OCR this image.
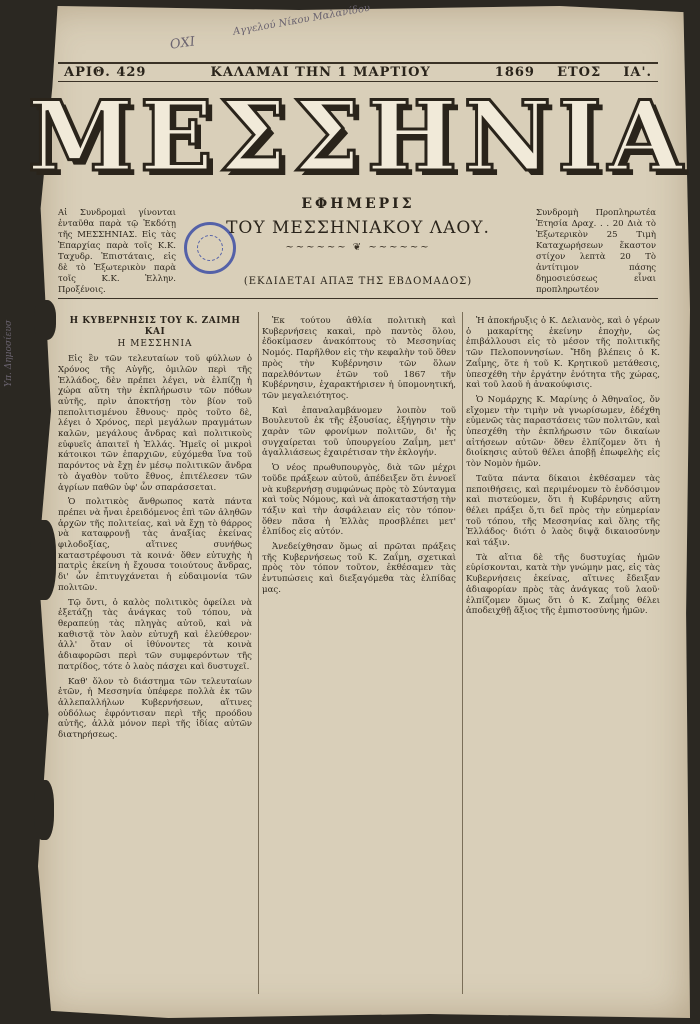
ΟΧΙ
Αγγελού Νίκου Μαλανίδου
Υπ. Δημοσίευσ
ΑΡΙΘ. 429	ΚΑΛΑΜΑΙ ΤΗΝ 1 ΜΑΡΤΙΟΥ	1869 ΕΤΟΣ ΙΑ'.
ΜΕΣΣΗΝΙΑ
Αἱ Συνδρομαὶ γίνονται ἐνταῦθα παρὰ τῷ Ἐκδότῃ τῆς ΜΕΣΣΗΝΙΑΣ. Εἰς τὰς Ἐπαρχίας παρὰ τοῖς Κ.Κ. Ταχυδρ. Ἐπιστάταις, εἰς δὲ τὸ Ἐξωτερικὸν παρὰ τοῖς Κ.Κ. Ἑλλην. Προξένοις.
ΕΦΗΜΕΡΙΣ
ΤΟΥ ΜΕΣΣΗΝΙΑΚΟΥ ΛΑΟΥ.
~~~~~~ ❦ ~~~~~~
Συνδρομὴ Προπληρωτέα Ἐτησία Δραχ. . . 20 Διὰ τὸ Ἐξωτερικὸν 25 Τιμὴ Καταχωρήσεων ἕκαστον στίχον λεπτὰ 20 Τὸ ἀντίτιμον πάσης δημοσιεύσεως εἶναι προπληρωτέον
(ΕΚΔΙΔΕΤΑΙ ΑΠΑΞ ΤΗΣ ΕΒΔΟΜΑΔΟΣ)
Η ΚΥΒΕΡΝΗΣΙΣ ΤΟΥ Κ. ΖΑΙΜΗ ΚΑΙ
Η ΜΕΣΣΗΝΙΑ

Εἰς ἓν τῶν τελευταίων τοῦ φύλλων ὁ Χρόνος τῆς Αὐγῆς, ὁμιλῶν περὶ τῆς Ἑλλάδος, δὲν πρέπει λέγει, νὰ ἐλπίζῃ ἡ χώρα αὕτη τὴν ἐκπλήρωσιν τῶν πόθων αὐτῆς, πρὶν ἀποκτήσῃ τὸν βίον τοῦ πεπολιτισμένου ἔθνους· πρὸς τοῦτο δὲ, λέγει ὁ Χρόνος, περὶ μεγάλων πραγμάτων καλῶν, μεγάλους ἄνδρας καὶ πολιτικοὺς εὐφυεῖς ἀπαιτεῖ ἡ Ἑλλάς. Ἡμεῖς οἱ μικροὶ κάτοικοι τῶν ἐπαρχιῶν, εὐχόμεθα ἵνα τοῦ παρόντος νὰ ἔχῃ ἐν μέσῳ πολιτικῶν ἄνδρα τὸ ἀγαθὸν τοῦτο ἔθνος, ἐπιτέλεσεν τῶν ἀγρίων παθῶν ὑφ' ὧν σπαράσσεται.

Ὁ πολιτικὸς ἄνθρωπος κατὰ πάντα πρέπει νὰ ἦναι ἐρειδόμενος ἐπὶ τῶν ἀληθῶν ἀρχῶν τῆς πολιτείας, καὶ νὰ ἔχῃ τὸ θάρρος νὰ καταφρονῇ τὰς ἀναξίας ἐκείνας φιλοδοξίας, αἵτινες συνήθως καταστρέφουσι τὰ κοινά· ὅθεν εὐτυχὴς ἡ πατρὶς ἐκείνη ἡ ἔχουσα τοιούτους ἄνδρας, δι' ὧν ἐπιτυγχάνεται ἡ εὐδαιμονία τῶν πολιτῶν.

Τῷ ὄντι, ὁ καλὸς πολιτικὸς ὀφείλει νὰ ἐξετάζῃ τὰς ἀνάγκας τοῦ τόπου, νὰ θεραπεύῃ τὰς πληγὰς αὐτοῦ, καὶ νὰ καθιστᾷ τὸν λαὸν εὐτυχῆ καὶ ἐλεύθερον· ἀλλ' ὅταν οἱ ἰθύνοντες τὰ κοινὰ ἀδιαφορῶσι περὶ τῶν συμφερόντων τῆς πατρίδος, τότε ὁ λαὸς πάσχει καὶ δυστυχεῖ.

Καθ' ὅλον τὸ διάστημα τῶν τελευταίων ἐτῶν, ἡ Μεσσηνία ὑπέφερε πολλὰ ἐκ τῶν ἀλλεπαλλήλων Κυβερνήσεων, αἵτινες οὐδόλως ἐφρόντισαν περὶ τῆς προόδου αὐτῆς, ἀλλὰ μόνον περὶ τῆς ἰδίας αὐτῶν διατηρήσεως.

Ἐκ τούτου ἀθλία πολιτικὴ καὶ Κυβερνήσεις κακαὶ, πρὸ παντὸς ὅλου, ἐδοκίμασεν ἀνακόπτους τὸ Μεσσηνίας Νομός. Παρῆλθον εἰς τὴν κεφαλὴν τοῦ ὅθεν πρὸς τὴν Κυβέρνησιν τῶν ὅλων παρελθόντων ἐτῶν τοῦ 1867 τῆν Κυβέρνησιν, ἐχαρακτήρισεν ἡ ὑπομονητική, τῶν μεγαλειότητος.

Καὶ ἐπαναλαμβάνομεν λοιπὸν τοῦ Βουλευτοῦ ἐκ τῆς ἐξουσίας, ἐξήγησιν τὴν χαρὰν τῶν φρονίμων πολιτῶν, δι' ἧς συγχαίρεται τοῦ ὑπουργείου Ζαΐμη, μετ' ἀγαλλιάσεως ἐχαιρέτισαν τὴν ἐκλογήν.

Ὁ νέος πρωθυπουργὸς, διὰ τῶν μέχρι τοῦδε πράξεων αὐτοῦ, ἀπέδειξεν ὅτι ἐννοεῖ νὰ κυβερνήσῃ συμφώνως πρὸς τὸ Σύνταγμα καὶ τοὺς Νόμους, καὶ νὰ ἀποκαταστήσῃ τὴν τάξιν καὶ τὴν ἀσφάλειαν εἰς τὸν τόπον· ὅθεν πᾶσα ἡ Ἑλλὰς προσβλέπει μετ' ἐλπίδος εἰς αὐτόν.

Ἀνεδείχθησαν ὅμως αἱ πρῶται πράξεις τῆς Κυβερνήσεως τοῦ Κ. Ζαΐμη, σχετικαὶ πρὸς τὸν τόπον τοῦτον, ἐκθέσαμεν τὰς ἐντυπώσεις καὶ διεξαγόμεθα τὰς ἐλπίδας μας.

Ἡ ἀποκήρυξις ὁ Κ. Δελιανὸς, καὶ ὁ γέρων ὁ μακαρίτης ἐκείνην ἐποχὴν, ὡς ἐπιβάλλουσι εἰς τὸ μέσον τῆς πολιτικῆς τῶν Πελοποννησίων. Ἤδη βλέπεις ὁ Κ. Ζαΐμης, ὅτε ἡ τοῦ Κ. Κρητικοῦ μετάθεσις, ὑπεσχέθη τὴν ἐργάτην ἐνότητα τῆς χώρας, καὶ τοῦ λαοῦ ἡ ἀνακούφισις.

Ὁ Νομάρχης Κ. Μαρίνης ὁ Ἀθηναῖος, ὅν εἴχομεν τὴν τιμὴν νὰ γνωρίσωμεν, ἐδέχθη εὐμενῶς τὰς παραστάσεις τῶν πολιτῶν, καὶ ὑπεσχέθη τὴν ἐκπλήρωσιν τῶν δικαίων αἰτήσεων αὐτῶν· ὅθεν ἐλπίζομεν ὅτι ἡ διοίκησις αὐτοῦ θέλει ἀποβῇ ἐπωφελὴς εἰς τὸν Νομὸν ἡμῶν.

Ταῦτα πάντα δίκαιοι ἐκθέσαμεν τὰς πεποιθήσεις, καὶ περιμένομεν τὸ ἐνδόσιμον καὶ πιστεύομεν, ὅτι ἡ Κυβέρνησις αὕτη θέλει πράξει ὅ,τι δεῖ πρὸς τὴν εὐημερίαν τοῦ τόπου, τῆς Μεσσηνίας καὶ ὅλης τῆς Ἑλλάδος· διότι ὁ λαὸς διψᾷ δικαιοσύνην καὶ τάξιν.

Τὰ αἴτια δὲ τῆς δυστυχίας ἡμῶν εὑρίσκονται, κατὰ τὴν γνώμην μας, εἰς τὰς Κυβερνήσεις ἐκείνας, αἵτινες ἔδειξαν ἀδιαφορίαν πρὸς τὰς ἀνάγκας τοῦ λαοῦ· ἐλπίζομεν ὅμως ὅτι ὁ Κ. Ζαΐμης θέλει ἀποδειχθῇ ἄξιος τῆς ἐμπιστοσύνης ἡμῶν.
